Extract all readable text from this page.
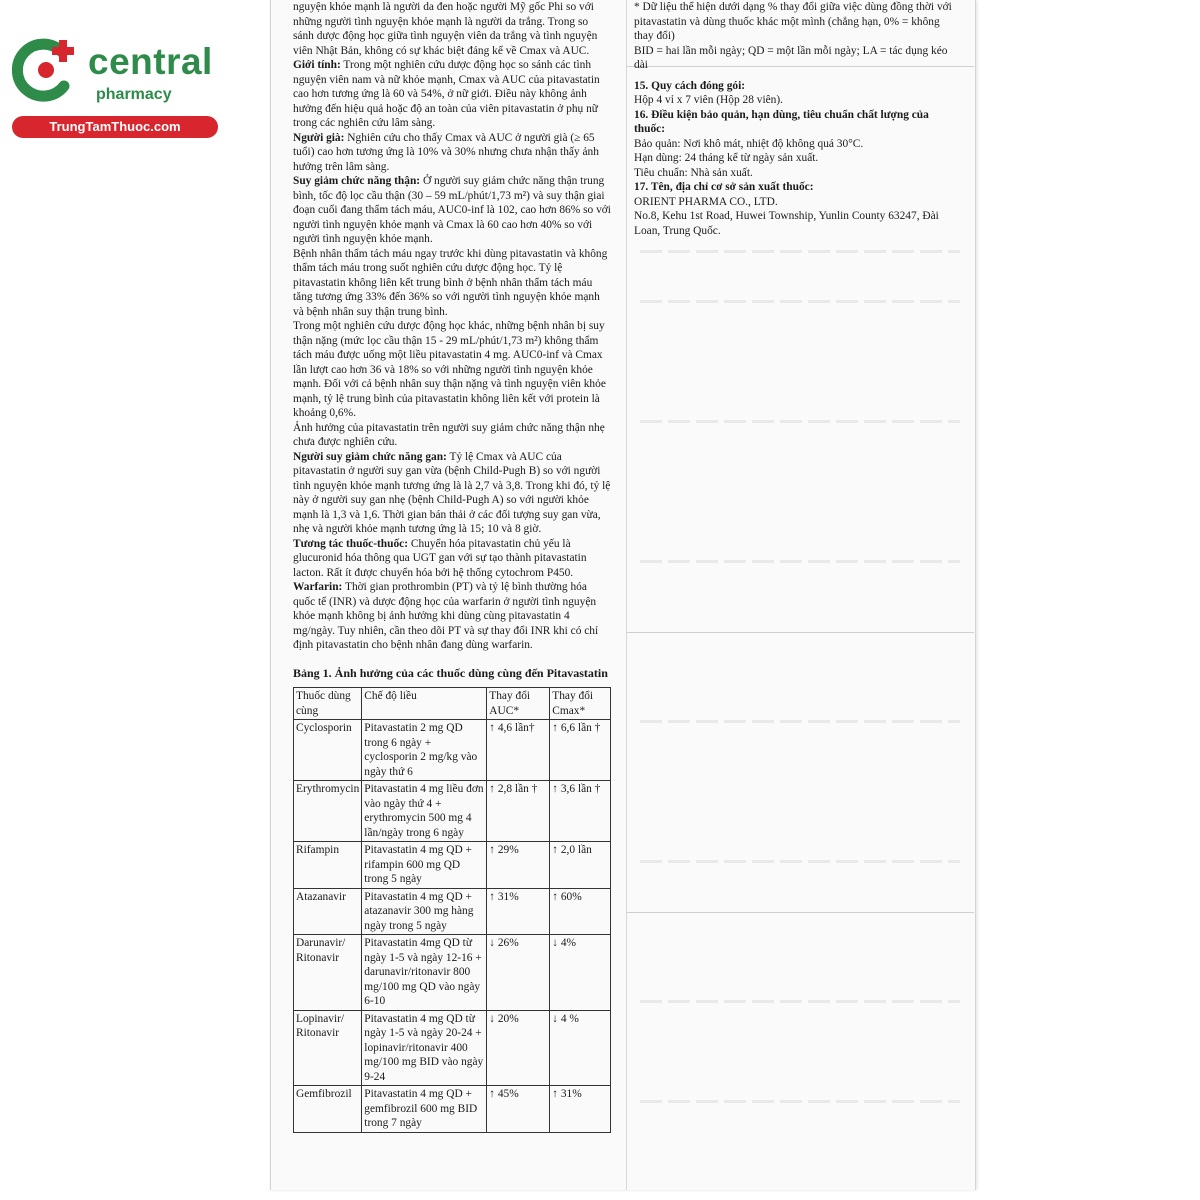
central
pharmacy
TrungTamThuoc.com

nguyện khỏe mạnh là người da đen hoặc người Mỹ gốc Phi so với những người tình nguyện khỏe mạnh là người da trắng. Trong so sánh dược động học giữa tình nguyện viên da trắng và tình nguyện viên Nhật Bản, không có sự khác biệt đáng kể về Cmax và AUC.

Giới tính: Trong một nghiên cứu dược động học so sánh các tình nguyện viên nam và nữ khỏe mạnh, Cmax và AUC của pitavastatin cao hơn tương ứng là 60 và 54%, ở nữ giới. Điều này không ảnh hưởng đến hiệu quả hoặc độ an toàn của viên pitavastatin ở phụ nữ trong các nghiên cứu lâm sàng.

Người già: Nghiên cứu cho thấy Cmax và AUC ở người già (≥ 65 tuổi) cao hơn tương ứng là 10% và 30% nhưng chưa nhận thấy ảnh hưởng trên lâm sàng.

Suy giảm chức năng thận: Ở người suy giảm chức năng thận trung bình, tốc độ lọc cầu thận (30 – 59 mL/phút/1,73 m²) và suy thận giai đoạn cuối đang thẩm tách máu, AUC0-inf là 102, cao hơn 86% so với người tình nguyện khỏe mạnh và Cmax là 60 cao hơn 40% so với người tình nguyện khỏe mạnh.

Bệnh nhân thẩm tách máu ngay trước khi dùng pitavastatin và không thẩm tách máu trong suốt nghiên cứu dược động học. Tỷ lệ pitavastatin không liên kết trung bình ở bệnh nhân thẩm tách máu tăng tương ứng 33% đến 36% so với người tình nguyện khỏe mạnh và bệnh nhân suy thận trung bình.

Trong một nghiên cứu dược động học khác, những bệnh nhân bị suy thận nặng (mức lọc cầu thận 15 - 29 mL/phút/1,73 m²) không thẩm tách máu được uống một liều pitavastatin 4 mg. AUC0-inf và Cmax lần lượt cao hơn 36 và 18% so với những người tình nguyện khỏe mạnh. Đối với cả bệnh nhân suy thận nặng và tình nguyện viên khỏe mạnh, tỷ lệ trung bình của pitavastatin không liên kết với protein là khoảng 0,6%.

Ảnh hưởng của pitavastatin trên người suy giảm chức năng thận nhẹ chưa được nghiên cứu.

Người suy giảm chức năng gan: Tỷ lệ Cmax và AUC của pitavastatin ở người suy gan vừa (bệnh Child-Pugh B) so với người tình nguyện khỏe mạnh tương ứng là là 2,7 và 3,8. Trong khi đó, tỷ lệ này ở người suy gan nhẹ (bệnh Child-Pugh A) so với người khỏe mạnh là 1,3 và 1,6. Thời gian bán thải ở các đối tượng suy gan vừa, nhẹ và người khỏe mạnh tương ứng là 15; 10 và 8 giờ.

Tương tác thuốc-thuốc: Chuyển hóa pitavastatin chủ yếu là glucuronid hóa thông qua UGT gan với sự tạo thành pitavastatin lacton. Rất ít được chuyển hóa bởi hệ thống cytochrom P450.

Warfarin: Thời gian prothrombin (PT) và tỷ lệ bình thường hóa quốc tế (INR) và dược động học của warfarin ở người tình nguyện khỏe mạnh không bị ảnh hưởng khi dùng cùng pitavastatin 4 mg/ngày. Tuy nhiên, cần theo dõi PT và sự thay đổi INR khi có chỉ định pitavastatin cho bệnh nhân đang dùng warfarin.

Bảng 1. Ảnh hưởng của các thuốc dùng cùng đến Pitavastatin
Thuốc dùng cùng	Chế độ liều	Thay đổi AUC*	Thay đổi Cmax*
Cyclosporin	Pitavastatin 2 mg QD trong 6 ngày + cyclosporin 2 mg/kg vào ngày thứ 6	↑ 4,6 lần†	↑ 6,6 lần †
Erythromycin	Pitavastatin 4 mg liều đơn vào ngày thứ 4 + erythromycin 500 mg 4 lần/ngày trong 6 ngày	↑ 2,8 lần †	↑ 3,6 lần †
Rifampin	Pitavastatin 4 mg QD + rifampin 600 mg QD trong 5 ngày	↑ 29%	↑ 2,0 lần
Atazanavir	Pitavastatin 4 mg QD + atazanavir 300 mg hàng ngày trong 5 ngày	↑ 31%	↑ 60%
Darunavir/ Ritonavir	Pitavastatin 4mg QD từ ngày 1-5 và ngày 12-16 + darunavir/ritonavir 800 mg/100 mg QD vào ngày 6-10	↓ 26%	↓ 4%
Lopinavir/ Ritonavir	Pitavastatin 4 mg QD từ ngày 1-5 và ngày 20-24 + lopinavir/ritonavir 400 mg/100 mg BID vào ngày 9-24	↓ 20%	↓ 4 %
Gemfibrozil	Pitavastatin 4 mg QD + gemfibrozil 600 mg BID trong 7 ngày	↑ 45%	↑ 31%

* Dữ liệu thể hiện dưới dạng % thay đổi giữa việc dùng đồng thời với pitavastatin và dùng thuốc khác một mình (chẳng hạn, 0% = không thay đổi)

BID = hai lần mỗi ngày; QD = một lần mỗi ngày; LA = tác dụng kéo dài

15. Quy cách đóng gói:

Hộp 4 vỉ x 7 viên (Hộp 28 viên).

16. Điều kiện bảo quản, hạn dùng, tiêu chuẩn chất lượng của thuốc:

Bảo quản: Nơi khô mát, nhiệt độ không quá 30°C.

Hạn dùng: 24 tháng kể từ ngày sản xuất.

Tiêu chuẩn: Nhà sản xuất.

17. Tên, địa chỉ cơ sở sản xuất thuốc:

ORIENT PHARMA CO., LTD.

No.8, Kehu 1st Road, Huwei Township, Yunlin County 63247, Đài Loan, Trung Quốc.
